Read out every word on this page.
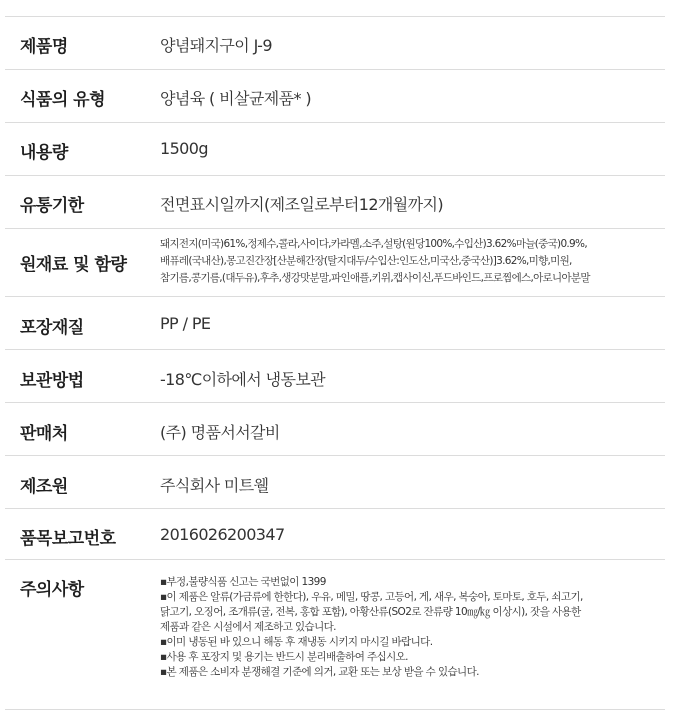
제품명	양념돼지구이 J-9
식품의 유형	양념육 ( 비살균제품* )
내용량	1500g
유통기한	전면표시일까지(제조일로부터12개월까지)
원재료 및 함량
돼지전지(미국)61%,정제수,콜라,사이다,카라멜,소주,설탕(원당100%,수입산)3.62%마늘(중국)0.9%,
배퓨레(국내산),몽고진간장[산분해간장(탈지대두/수입산:인도산,미국산,중국산)]3.62%,미향,미원,
참기름,콩기름,(대두유),후추,생강맛분말,파인애플,키위,캡사이신,푸드바인드,프로찜에스,아로니아분말
포장재질	PP / PE
보관방법	-18℃이하에서 냉동보관
판매처	(주) 명품서서갈비
제조원	주식회사 미트웰
품목보고번호	2016026200347
주의사항	▪부정,불량식품 신고는 국번없이 1399
▪이 제품은 알류(가금류에 한한다), 우유, 메밀, 땅콩, 고등어, 게, 새우, 복숭아, 토마토, 호두, 쇠고기,
닭고기, 오징어, 조개류(굴, 전복, 홍합 포함), 아황산류(SO2로 잔류량 10㎎/㎏ 이상시), 잣을 사용한
제품과 같은 시설에서 제조하고 있습니다.
▪이미 냉동된 바 있으니 해동 후 재냉동 시키지 마시길 바랍니다.
▪사용 후 포장지 및 용기는 반드시 분리배출하여 주십시오.
▪본 제품은 소비자 분쟁해결 기준에 의거, 교환 또는 보상 받을 수 있습니다.
